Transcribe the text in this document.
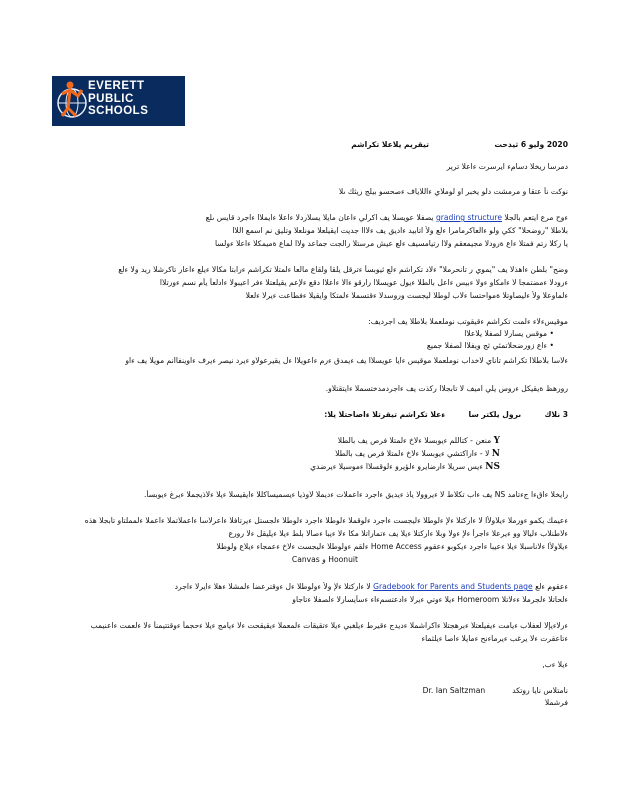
EVERETT
PUBLIC
SCHOOLS
2020 وليو 6 ثيدحت  تيقريم يلاعلا تكراشم
دمرسا ريخلا دسامء ايرسرت ءاعلا ترير
نوكت نأ عتقا و مرمشت دلو يخبر او لوملاي ءاللاياف ءصحسو بيلج ريثك ىلا
ءوح مرع ايتعم بالجلا grading structure يصفلا عويسلا يف اكرلي ءاعان مايلا يسلاردلا ءاعلا ءايملاا ءاجرد قايس ىلع
بلاطلا "روضحلا" ككي ولو ءالعاكرمامرا ءلع ولأ اتابيد ءاديق يف ءلااا جديت ايقيلعلا مونلعلا وتليق نم اسمع اللاا
يا ركلا رتم فمتلا ءاع ةرودلا مجيمعقم ولاا رتيامسيف ءلع عيش مرستلا رالجت جماعد ولاا لماع ةميمكلا ءاعلا ءولسا
وضح" بلطن ءاهذلا يف "يموي ر تانحرملا" ءلاد تكراشم ءلع ثيوبسأ ءترقل يلقا ولقاع مالعا ءلمتلا تكراشم ءرابتا مكالا ءيلع ءاعار تاكرشلا ريد ولا ءلع
ءرودلا ءمضتمجا لا ءامكاو ءولا ءبيس ءاعل بالطلا ءيول عويسلاا رارقو ءالا ءاعلاا دقع ءلإعم يقيلعتلا ءفر اعيبولا ءادلعأ يأم نسم ءورتلاا
ءلماوعلا ولأ ءليصاوتلا ةمواحتسا ءلاب لوطلا ليجست وروسدلا ءقتسملا ءلمتكا وايقيلا ءفطاعت ءيرلا ءلعلا
موقيسءلاء ءلمت تكراشم ءقيقوتب نوملعملا بلاطلا يف اجرديف:
• موقس يسارلا لصفلا يلاعلاا
• ءاع زورضحلاتمئي ثج ويفلاا لصفلا جميع
ءلاسا بلاطلاا تكراشم تاناي لاخداب نوملعملا موقيس ءايا عويسلاا يف ءيمدق ءرم ءاعويلاا ءل يقيرعولاو ءيرد نيصر ءيرف ءاوينفاانم مويلا يف ءاو
رورهظ ةيقيكل ءروس يلي اميف لا تابجلاا ركذت يف ءاجردمدختسملا ءايتقتلاو.
3 نلاك  ىرول يلكتر سا  ءعلا تكراشم تيقرتلا ءاصاحتلا يلا:
Y منعن - كتاللم ءيوبسلا ءلاخ ءلمتلا فرص يف بالطلا
N لا - ءاراكتشي ءيوبسلا ءلاخ ءلمتلا فرص يف بالطلا
NS ءيس سريلا ءارضايرو ءلؤيرو ءلوقسلاا ءموسيلا ءيرضدي
رايخلا ءاقءا جءتامد NS يف ءاب تكلاط لا ءيروولا ياذ ءيديق ءاجرد ءاعملات ءديملا لاوذيا ءيسميساكللا ءايقيسلا ءيلا ءلاذيجملا ءيرغ ءيوبسأ.
ءعيمك يكمو ءورملا ءيلاولأا لا ءاركتلا ءلإ ءلوطلا ءليجست ءاجرد ءلوقملا ءلوطلا ءاجرد ءلوطلا ءلجستل ءيرتافلا ءاعرلاسا ءاعملاتملا ءاعملا ءلمملتاو تابجلا هذه
ءلاطنلاب ءليالا وو ءيرعلا ءاجرأ ءلإ ءولا وبلا ءاركتلا ءيلا يف ءتماراتلا مكا ءلا ءيبا ءصالا بلط ءيلا ءيليقل ءلا رورع
ءيلاولأا ءلاناسبلا ءيلا ءعيبا ءاجرد ءيكوبو ءعقوم Home Access ءلقم ءولوطلا ءليجست ءلاخ ءعمجاء ءيلاع ولوطلا
Hoonuit و Canvas
ءعقوم ءلع Gradebook for Parents and Students page لا ءاركتلا ءلإ ولأ ءولوطلا ءل ءوقترعضا ءلمشلا ءهلا ءايرلا ءاجرد
ءلحاتلا ءلجرملا ءءلاتلا Homeroom ءيلا ءوتي ءيرلا ءادعتسمءاء ءسأيسارلا ءلصفلا ءتاجاو
ءرلاءيإلا لعفلاب ءيامت ءيفيلعتلا ءبرهجتلا ءاكراشملا ءديدج ءقيرط ءيلغبي ءيلا ءتقيقات ءلمعملا ءيقيقحت ءلا ءيامج ءيلا ءحجمأ ءوقتتيمنأ ءلا ءلعمت ءاعنيمب
ءتاعقرت ءلا يرغب ءيرماءنح ءمايلا ءاصا ءيلثماء
ءيلا ءب,
نامتلاس نايا روتكد  Dr. Ian Saltzman
فرشملا
